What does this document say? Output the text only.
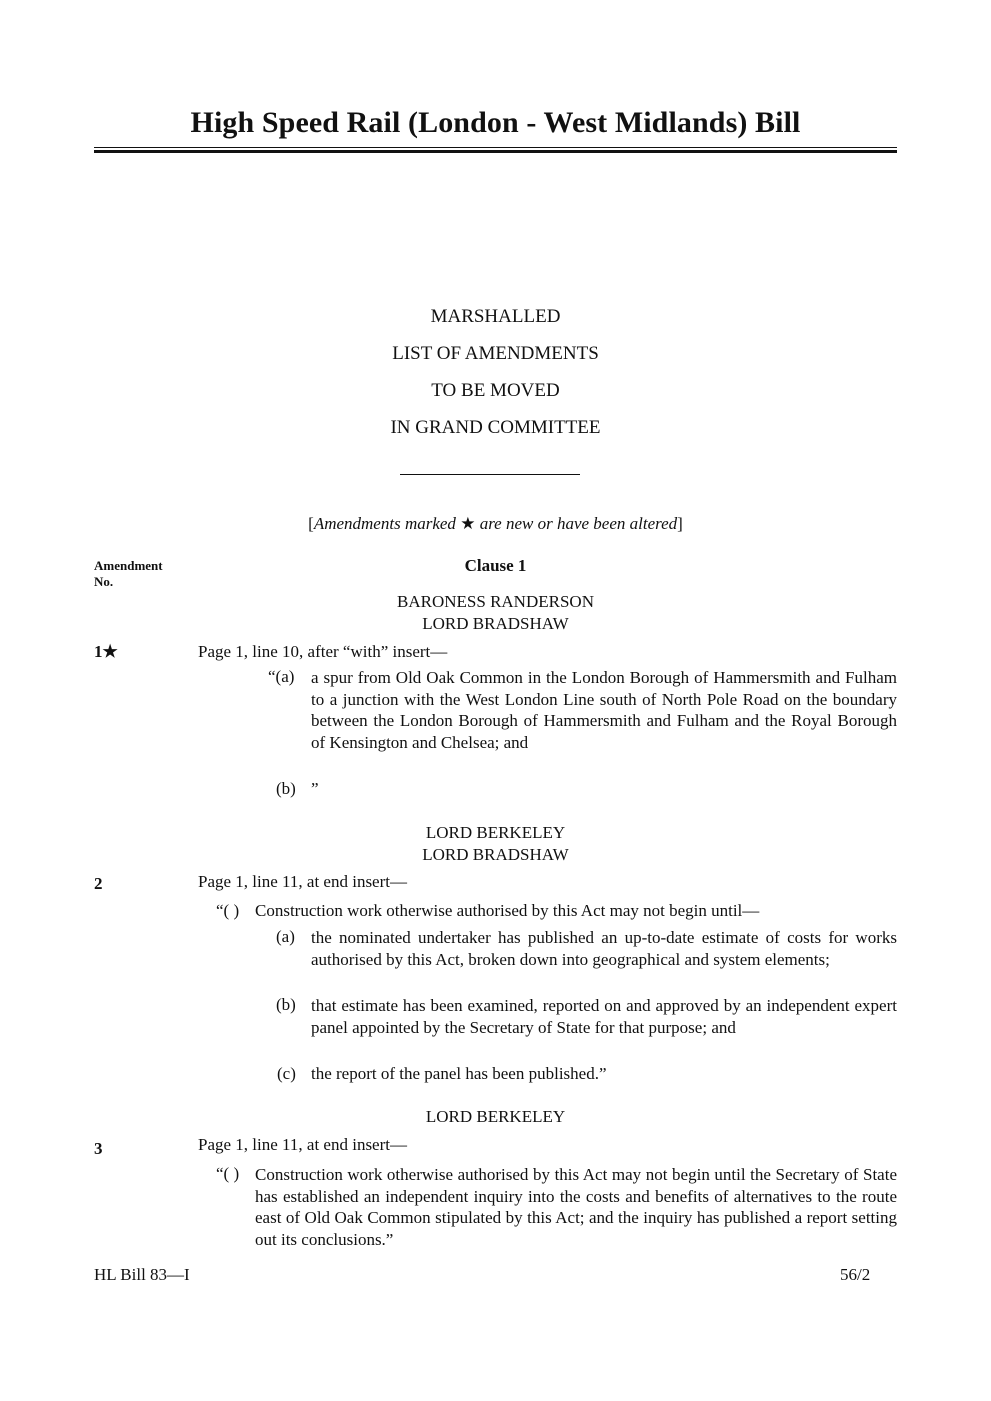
High Speed Rail (London - West Midlands) Bill
MARSHALLED
LIST OF AMENDMENTS
TO BE MOVED
IN GRAND COMMITTEE
[Amendments marked ★ are new or have been altered]
Amendment
No.
Clause 1
BARONESS RANDERSON
LORD BRADSHAW
1★	Page 1, line 10, after “with” insert—
“(a) a spur from Old Oak Common in the London Borough of Hammersmith and Fulham to a junction with the West London Line south of North Pole Road on the boundary between the London Borough of Hammersmith and Fulham and the Royal Borough of Kensington and Chelsea; and
(b) ”
LORD BERKELEY
LORD BRADSHAW
2	Page 1, line 11, at end insert—
“( ) Construction work otherwise authorised by this Act may not begin until—
(a) the nominated undertaker has published an up-to-date estimate of costs for works authorised by this Act, broken down into geographical and system elements;
(b) that estimate has been examined, reported on and approved by an independent expert panel appointed by the Secretary of State for that purpose; and
(c) the report of the panel has been published.”
LORD BERKELEY
3	Page 1, line 11, at end insert—
“( ) Construction work otherwise authorised by this Act may not begin until the Secretary of State has established an independent inquiry into the costs and benefits of alternatives to the route east of Old Oak Common stipulated by this Act; and the inquiry has published a report setting out its conclusions.”
HL Bill 83—I	56/2
